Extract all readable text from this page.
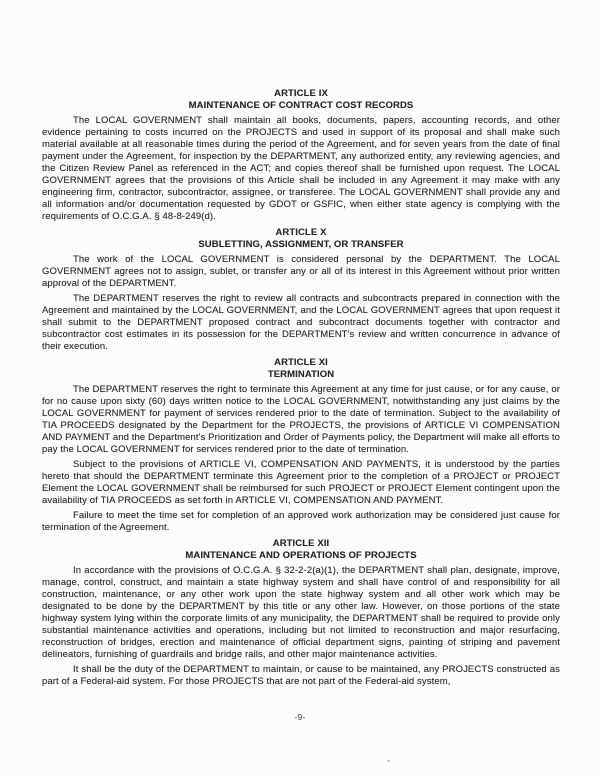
ARTICLE IX
MAINTENANCE OF CONTRACT COST RECORDS

The LOCAL GOVERNMENT shall maintain all books, documents, papers, accounting records, and other evidence pertaining to costs incurred on the PROJECTS and used in support of its proposal and shall make such material available at all reasonable times during the period of the Agreement, and for seven years from the date of final payment under the Agreement, for inspection by the DEPARTMENT, any authorized entity, any reviewing agencies, and the Citizen Review Panel as referenced in the ACT; and copies thereof shall be furnished upon request. The LOCAL GOVERNMENT agrees that the provisions of this Article shall be included in any Agreement it may make with any engineering firm, contractor, subcontractor, assignee, or transferee. The LOCAL GOVERNMENT shall provide any and all information and/or documentation requested by GDOT or GSFIC, when either state agency is complying with the requirements of O.C.G.A. § 48-8-249(d).

ARTICLE X
SUBLETTING, ASSIGNMENT, OR TRANSFER

The work of the LOCAL GOVERNMENT is considered personal by the DEPARTMENT. The LOCAL GOVERNMENT agrees not to assign, sublet, or transfer any or all of its interest in this Agreement without prior written approval of the DEPARTMENT.

The DEPARTMENT reserves the right to review all contracts and subcontracts prepared in connection with the Agreement and maintained by the LOCAL GOVERNMENT, and the LOCAL GOVERNMENT agrees that upon request it shall submit to the DEPARTMENT proposed contract and subcontract documents together with contractor and subcontractor cost estimates in its possession for the DEPARTMENT's review and written concurrence in advance of their execution.

ARTICLE XI
TERMINATION

The DEPARTMENT reserves the right to terminate this Agreement at any time for just cause, or for any cause, or for no cause upon sixty (60) days written notice to the LOCAL GOVERNMENT, notwithstanding any just claims by the LOCAL GOVERNMENT for payment of services rendered prior to the date of termination. Subject to the availability of TIA PROCEEDS designated by the Department for the PROJECTS, the provisions of ARTICLE VI COMPENSATION AND PAYMENT and the Department's Prioritization and Order of Payments policy, the Department will make all efforts to pay the LOCAL GOVERNMENT for services rendered prior to the date of termination.

Subject to the provisions of ARTICLE VI, COMPENSATION AND PAYMENTS, it is understood by the parties hereto that should the DEPARTMENT terminate this Agreement prior to the completion of a PROJECT or PROJECT Element the LOCAL GOVERNMENT shall be reimbursed for such PROJECT or PROJECT Element contingent upon the availability of TIA PROCEEDS as set forth in ARTICLE VI, COMPENSATION AND PAYMENT.

Failure to meet the time set for completion of an approved work authorization may be considered just cause for termination of the Agreement.

ARTICLE XII
MAINTENANCE AND OPERATIONS OF PROJECTS

In accordance with the provisions of O.C.G.A. § 32-2-2(a)(1), the DEPARTMENT shall plan, designate, improve, manage, control, construct, and maintain a state highway system and shall have control of and responsibility for all construction, maintenance, or any other work upon the state highway system and all other work which may be designated to be done by the DEPARTMENT by this title or any other law. However, on those portions of the state highway system lying within the corporate limits of any municipality, the DEPARTMENT shall be required to provide only substantial maintenance activities and operations, including but not limited to reconstruction and major resurfacing, reconstruction of bridges, erection and maintenance of official department signs, painting of striping and pavement delineators, furnishing of guardrails and bridge rails, and other major maintenance activities.

It shall be the duty of the DEPARTMENT to maintain, or cause to be maintained, any PROJECTS constructed as part of a Federal-aid system. For those PROJECTS that are not part of the Federal-aid system,

-9-
